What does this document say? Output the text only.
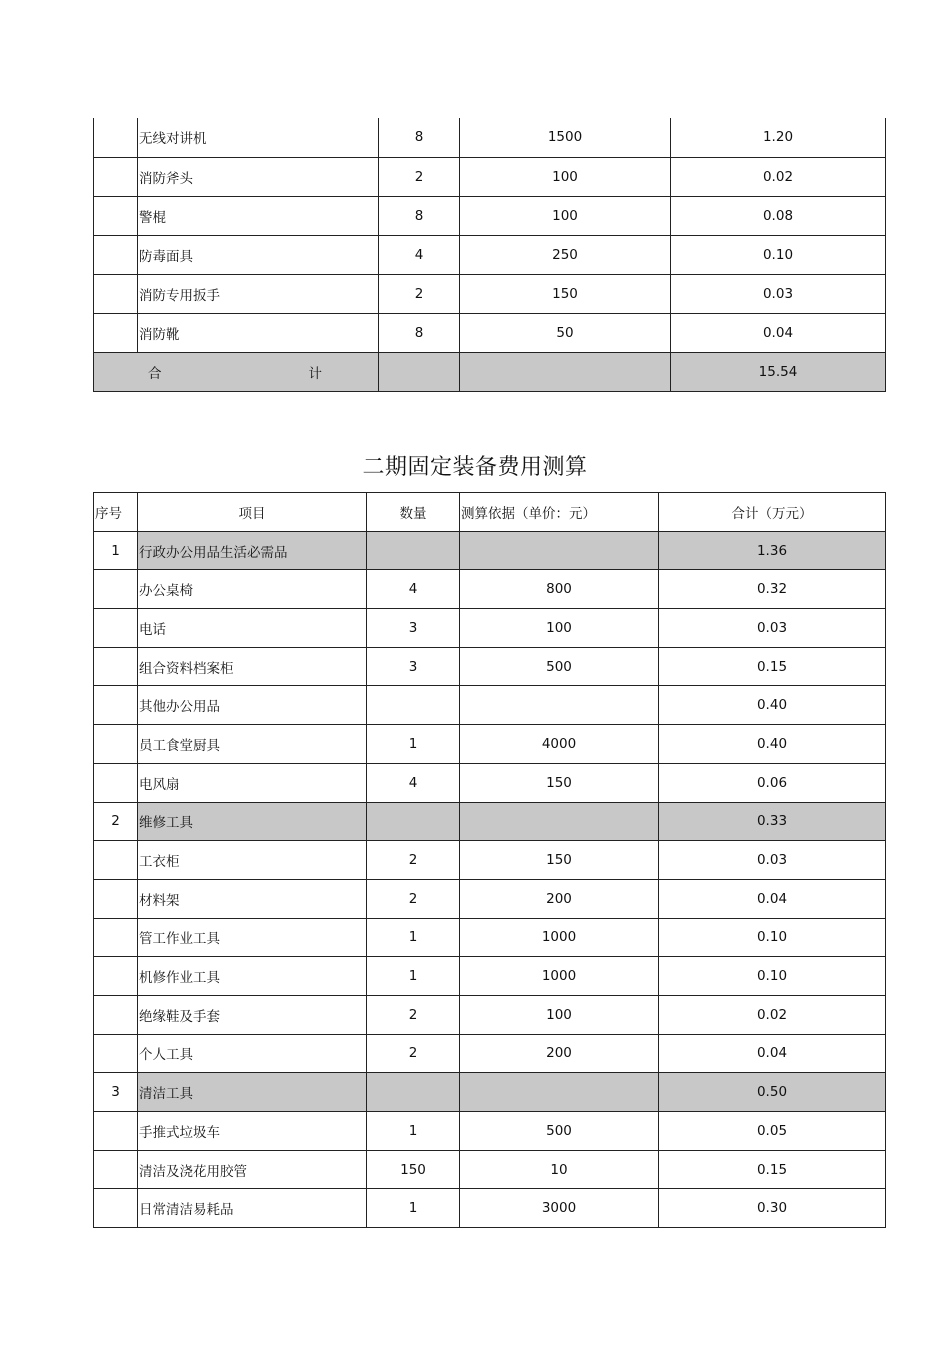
	无线对讲机	8	1500	1.20
	消防斧头	2	100	0.02
	警棍	8	100	0.08
	防毒面具	4	250	0.10
	消防专用扳手	2	150	0.03
	消防靴	8	50	0.04

合 计				15.54
二期固定装备费用测算
序号	项目	数量	测算依据（单价：元）	合计（万元）
1	行政办公用品生活必需品			1.36
	办公桌椅	4	800	0.32
	电话	3	100	0.03
	组合资料档案柜	3	500	0.15
	其他办公用品			0.40
	员工食堂厨具	1	4000	0.40
	电风扇	4	150	0.06
2	维修工具			0.33
	工衣柜	2	150	0.03
	材料架	2	200	0.04
	管工作业工具	1	1000	0.10
	机修作业工具	1	1000	0.10
	绝缘鞋及手套	2	100	0.02
	个人工具	2	200	0.04
3	清洁工具			0.50
	手推式垃圾车	1	500	0.05
	清洁及浇花用胶管	150	10	0.15
	日常清洁易耗品	1	3000	0.30
